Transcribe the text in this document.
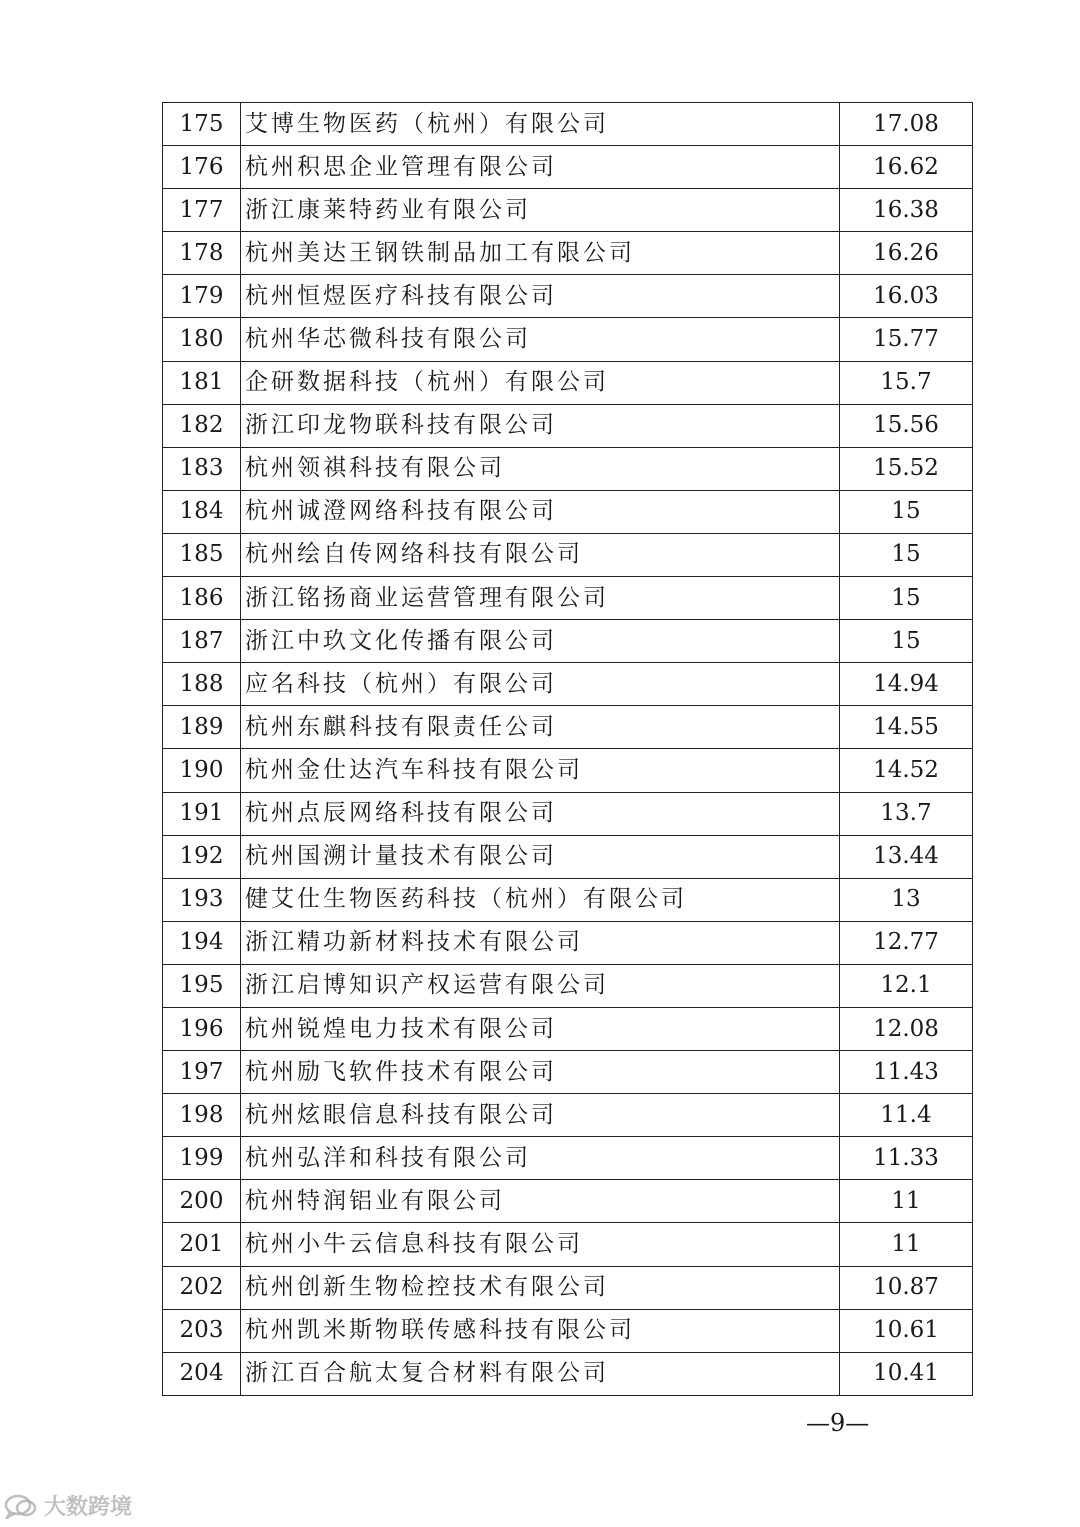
175	艾博生物医药（杭州）有限公司	17.08
176	杭州积思企业管理有限公司	16.62
177	浙江康莱特药业有限公司	16.38
178	杭州美达王钢铁制品加工有限公司	16.26
179	杭州恒煜医疗科技有限公司	16.03
180	杭州华芯微科技有限公司	15.77
181	企研数据科技（杭州）有限公司	15.7
182	浙江印龙物联科技有限公司	15.56
183	杭州领祺科技有限公司	15.52
184	杭州诚澄网络科技有限公司	15
185	杭州绘自传网络科技有限公司	15
186	浙江铭扬商业运营管理有限公司	15
187	浙江中玖文化传播有限公司	15
188	应名科技（杭州）有限公司	14.94
189	杭州东麒科技有限责任公司	14.55
190	杭州金仕达汽车科技有限公司	14.52
191	杭州点辰网络科技有限公司	13.7
192	杭州国溯计量技术有限公司	13.44
193	健艾仕生物医药科技（杭州）有限公司	13
194	浙江精功新材料技术有限公司	12.77
195	浙江启博知识产权运营有限公司	12.1
196	杭州锐煌电力技术有限公司	12.08
197	杭州励飞软件技术有限公司	11.43
198	杭州炫眼信息科技有限公司	11.4
199	杭州弘洋和科技有限公司	11.33
200	杭州特润铝业有限公司	11
201	杭州小牛云信息科技有限公司	11
202	杭州创新生物检控技术有限公司	10.87
203	杭州凯米斯物联传感科技有限公司	10.61
204	浙江百合航太复合材料有限公司	10.41
—9—
大数跨境
